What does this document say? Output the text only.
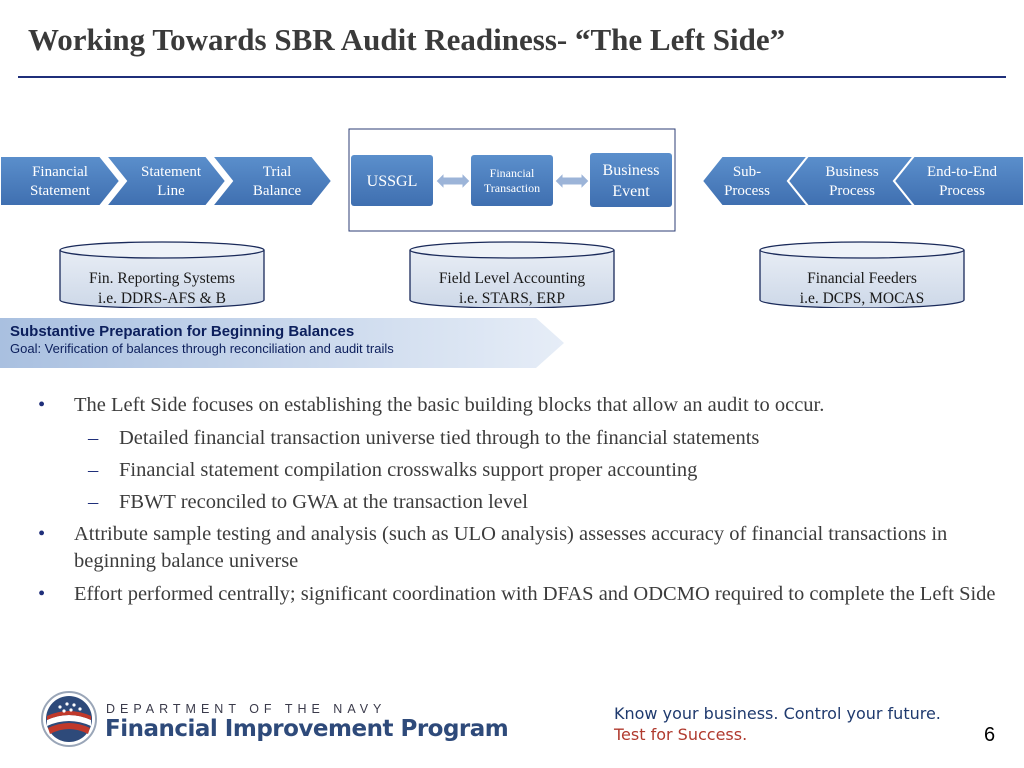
Working Towards SBR Audit Readiness- “The Left Side”
Financial
Statement
Statement
Line
Trial
Balance
USSGL	Financial
Transaction
Business
Event
Sub-
Process
Business
Process
End-to-End
Process
Fin. Reporting Systems
i.e. DDRS-AFS & B
Field Level Accounting
i.e. STARS, ERP
Financial Feeders
i.e. DCPS, MOCAS
Substantive Preparation for Beginning Balances
Goal: Verification of balances through reconciliation and audit trails
• The Left Side focuses on establishing the basic building blocks that allow an audit to occur.
– Detailed financial transaction universe tied through to the financial statements
– Financial statement compilation crosswalks support proper accounting
– FBWT reconciled to GWA at the transaction level
• Attribute sample testing and analysis (such as ULO analysis) assesses accuracy of financial transactions in beginning balance universe
• Effort performed centrally; significant coordination with DFAS and ODCMO required to complete the Left Side
DEPARTMENT OF THE NAVY
Financial Improvement Program
Know your business. Control your future.
Test for Success.	6
